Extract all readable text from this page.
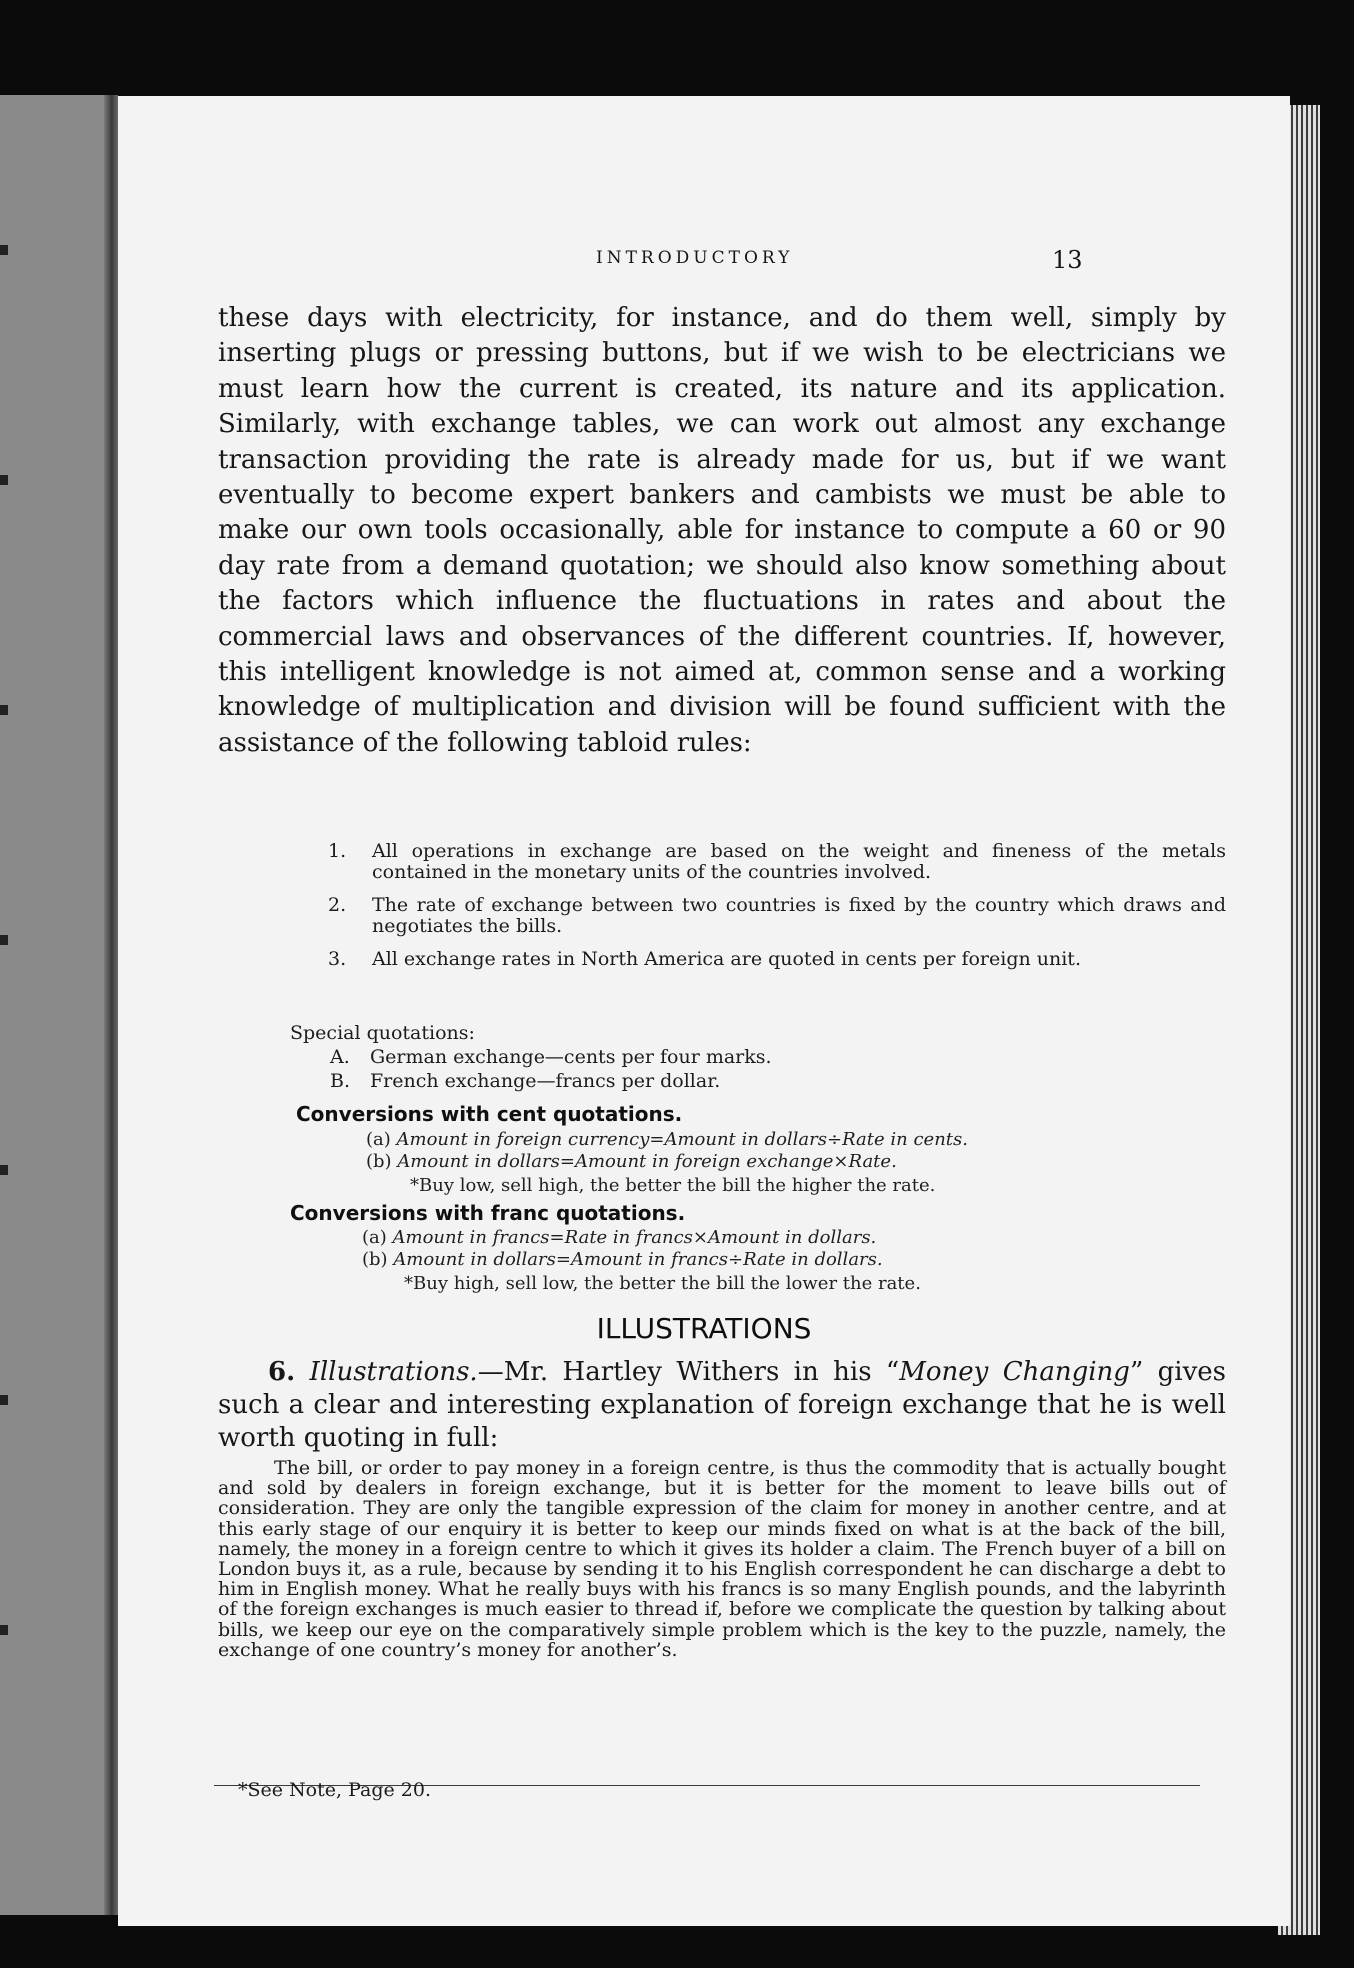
INTRODUCTORY	13
these days with electricity, for instance, and do them well, simply by inserting plugs or pressing buttons, but if we wish to be electricians we must learn how the current is created, its nature and its application. Similarly, with exchange tables, we can work out almost any exchange transaction providing the rate is already made for us, but if we want eventually to become expert bankers and cambists we must be able to make our own tools occasionally, able for instance to compute a 60 or 90 day rate from a demand quotation; we should also know something about the factors which influence the fluctuations in rates and about the commercial laws and observances of the different countries. If, however, this intelligent knowledge is not aimed at, common sense and a working knowledge of multiplication and division will be found sufficient with the assistance of the following tabloid rules:
1. All operations in exchange are based on the weight and fineness of the metals contained in the monetary units of the countries involved.
2. The rate of exchange between two countries is fixed by the country which draws and negotiates the bills.
3. All exchange rates in North America are quoted in cents per foreign unit.
Special quotations:
A. German exchange—cents per four marks.
B. French exchange—francs per dollar.
Conversions with cent quotations.
(a) Amount in foreign currency=Amount in dollars÷Rate in cents.
(b) Amount in dollars=Amount in foreign exchange×Rate.
*Buy low, sell high, the better the bill the higher the rate.
Conversions with franc quotations.
(a) Amount in francs=Rate in francs×Amount in dollars.
(b) Amount in dollars=Amount in francs÷Rate in dollars.
*Buy high, sell low, the better the bill the lower the rate.
ILLUSTRATIONS
6. Illustrations.—Mr. Hartley Withers in his “Money Changing” gives such a clear and interesting explanation of foreign exchange that he is well worth quoting in full:
The bill, or order to pay money in a foreign centre, is thus the commodity that is actually bought and sold by dealers in foreign exchange, but it is better for the moment to leave bills out of consideration. They are only the tangible expression of the claim for money in another centre, and at this early stage of our enquiry it is better to keep our minds fixed on what is at the back of the bill, namely, the money in a foreign centre to which it gives its holder a claim. The French buyer of a bill on London buys it, as a rule, because by sending it to his English correspondent he can discharge a debt to him in English money. What he really buys with his francs is so many English pounds, and the labyrinth of the foreign exchanges is much easier to thread if, before we complicate the question by talking about bills, we keep our eye on the comparatively simple problem which is the key to the puzzle, namely, the exchange of one country’s money for another’s.
*See Note, Page 20.
